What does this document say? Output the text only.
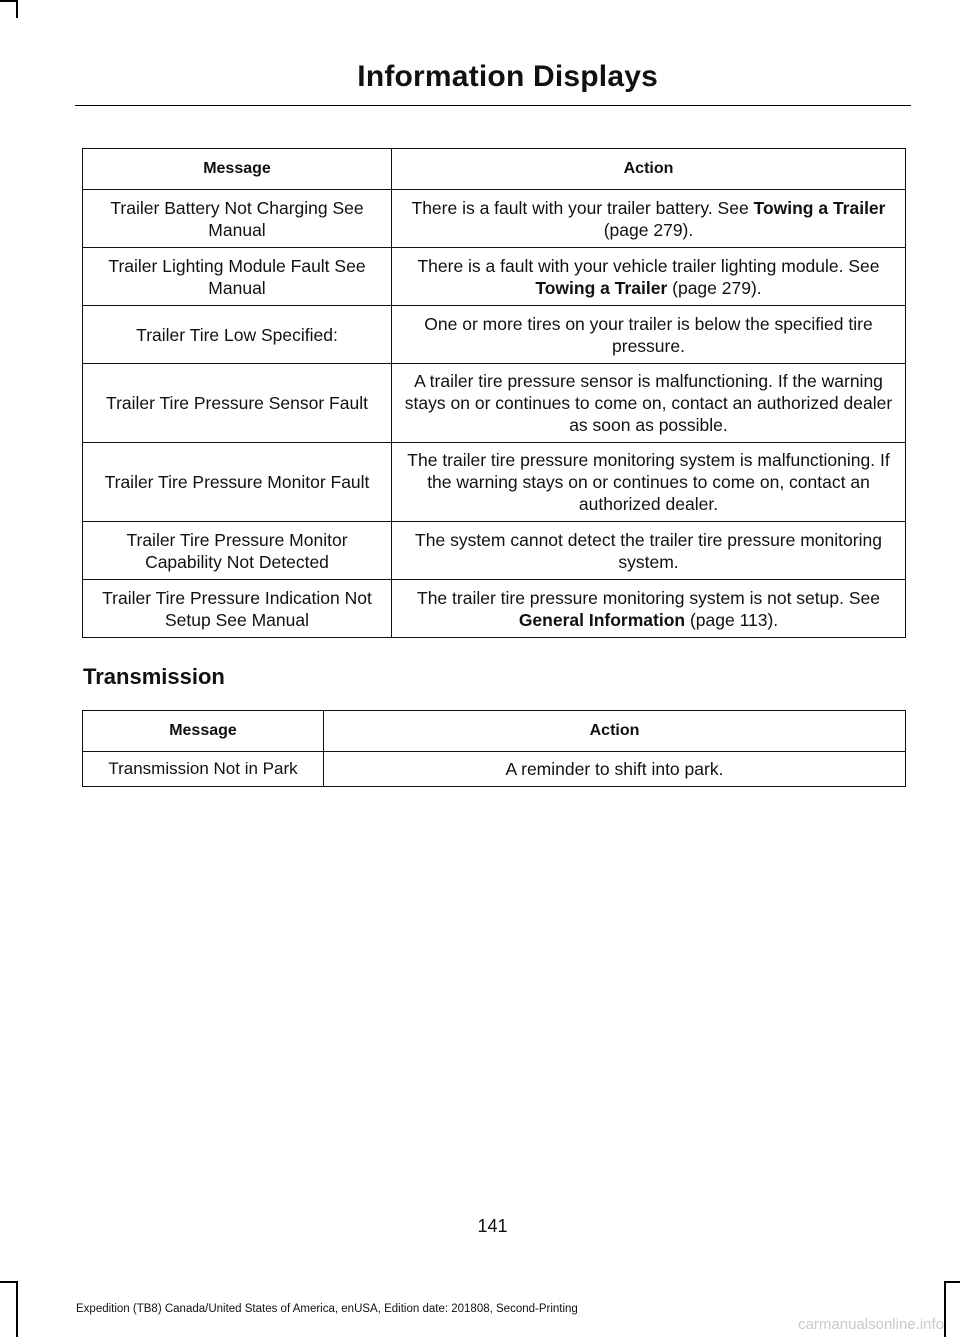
Information Displays
Message	Action
Trailer Battery Not Charging See Manual	There is a fault with your trailer battery. See Towing a Trailer (page 279).
Trailer Lighting Module Fault See Manual	There is a fault with your vehicle trailer lighting module. See Towing a Trailer (page 279).
Trailer Tire Low Specified:	One or more tires on your trailer is below the specified tire pressure.
Trailer Tire Pressure Sensor Fault	A trailer tire pressure sensor is malfunctioning. If the warning stays on or continues to come on, contact an authorized dealer as soon as possible.
Trailer Tire Pressure Monitor Fault	The trailer tire pressure monitoring system is malfunctioning. If the warning stays on or continues to come on, contact an authorized dealer.
Trailer Tire Pressure Monitor Capability Not Detected	The system cannot detect the trailer tire pressure monitoring system.
Trailer Tire Pressure Indication Not Setup See Manual	The trailer tire pressure monitoring system is not setup. See General Information (page 113).
Transmission
Message	Action
Transmission Not in Park	A reminder to shift into park.
141
Expedition (TB8) Canada/United States of America, enUSA, Edition date: 201808, Second-Printing
carmanualsonline.info
